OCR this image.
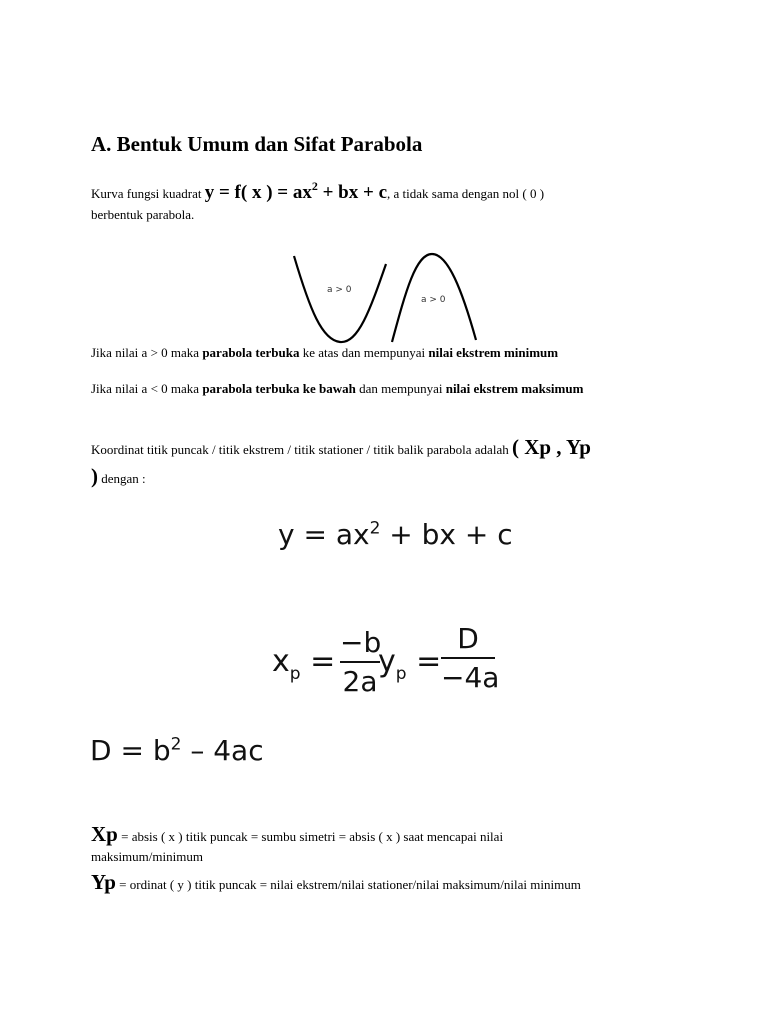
A. Bentuk Umum dan Sifat Parabola
Kurva fungsi kuadrat y = f( x ) = $ax^2$ + bx + c, a tidak sama dengan nol ( 0 )
berbentuk parabola.
a > 0
a > 0
Jika nilai a > 0 maka parabola terbuka ke atas dan mempunyai nilai ekstrem minimum
Jika nilai a < 0 maka parabola terbuka ke bawah dan mempunyai nilai ekstrem maksimum
Koordinat titik puncak / titik ekstrem / titik stationer / titik balik parabola adalah ( Xp , Yp
) dengan :
$y = ax^2$ + bx + c
$x_p$ =
−b
2a
$y_p$ =
D
−4a
$D = b^2 - 4ac$
Xp = absis ( x ) titik puncak = sumbu simetri = absis ( x ) saat mencapai nilai
maksimum/minimum
Yp = ordinat ( y ) titik puncak = nilai ekstrem/nilai stationer/nilai maksimum/nilai minimum
